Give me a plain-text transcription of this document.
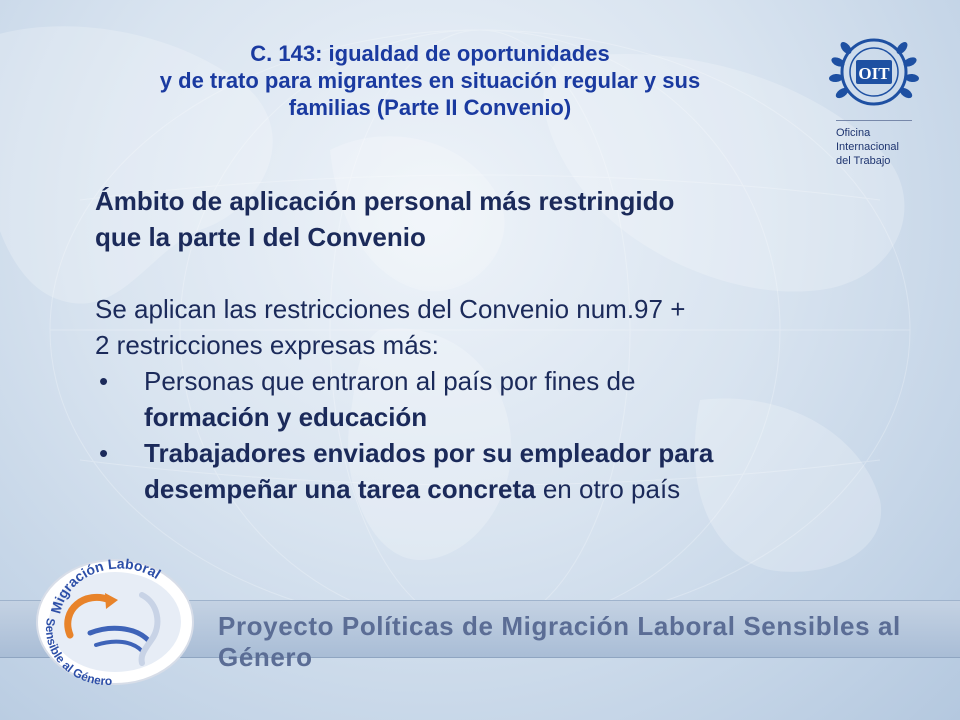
C. 143: igualdad de oportunidades
y de trato para migrantes en situación regular y sus
familias (Parte II Convenio)
OIT
Oficina
Internacional
del Trabajo

Ámbito de aplicación personal más restringido

que la parte I del Convenio

Se aplican las restricciones del Convenio num.97 +

2 restricciones expresas más:

• Personas que entraron al país por fines de
formación y educación
• Trabajadores enviados por su empleador para
desempeñar una tarea concreta en otro país
Proyecto Políticas de Migración Laboral Sensibles al Género
Migración Laboral
Sensible al Género
